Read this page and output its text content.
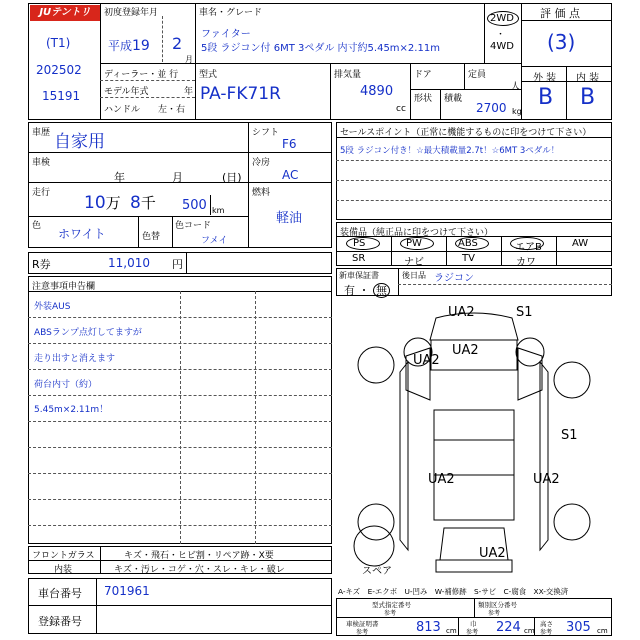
JUテントリ
(T1)
202502
15191
初度登録年月
平成19 2
月
ディーラー・並 行
モデル年式	年
ハンドル 左・右
車名・グレード
ファイター
5段 ラジコン付 6MT 3ペダル 内寸約5.45m×2.11m
2WD
・
4WD
型式
PA-FK71R
排気量
4890
cc
ドア	定員
人
形状 積載
2700 kg
評 価 点
(3)
外 装 内 装
B B
車歴 自家用
車検
年	月	(日)
走行 10万 8千 500 km
色
ホワイト	色替
色コード
フメイ
シフト
F6
冷房
AC
燃料
軽油
R券	11,010 円
注意事項申告欄
外装AUS
ABSランプ点灯してますが
走り出すと消えます
荷台内寸（約）
5.45m×2.11m！
フロントガラス	キズ・飛石・ヒビ割・リペア跡・X要
内装	キズ・汚レ・コゲ・穴・スレ・キレ・破レ
車台番号 701961
登録番号
セールスポイント（正常に機能するものに印をつけて下さい）
5段 ラジコン付き！☆最大積載量2.7t！☆6MT 3ペダル！
装備品（純正品に印をつけて下さい）
PS	PW	ABS	エアB	AW
SR	ナビ	TV	カワ
新車保証書
有 ・ 無
後日品 ラジコン
UA2	S1
UA2
UA2
S1
UA2	UA2
UA2
スペア
A-キズ　E-エクボ　U-凹み　W-補修跡　S-サビ　C-腐食　XX-交換済
型式指定番号
参考
類別区分番号
参考
車検証明書
参考	813 cm
巾
参考 224 cm
高さ
参考 305 cm
